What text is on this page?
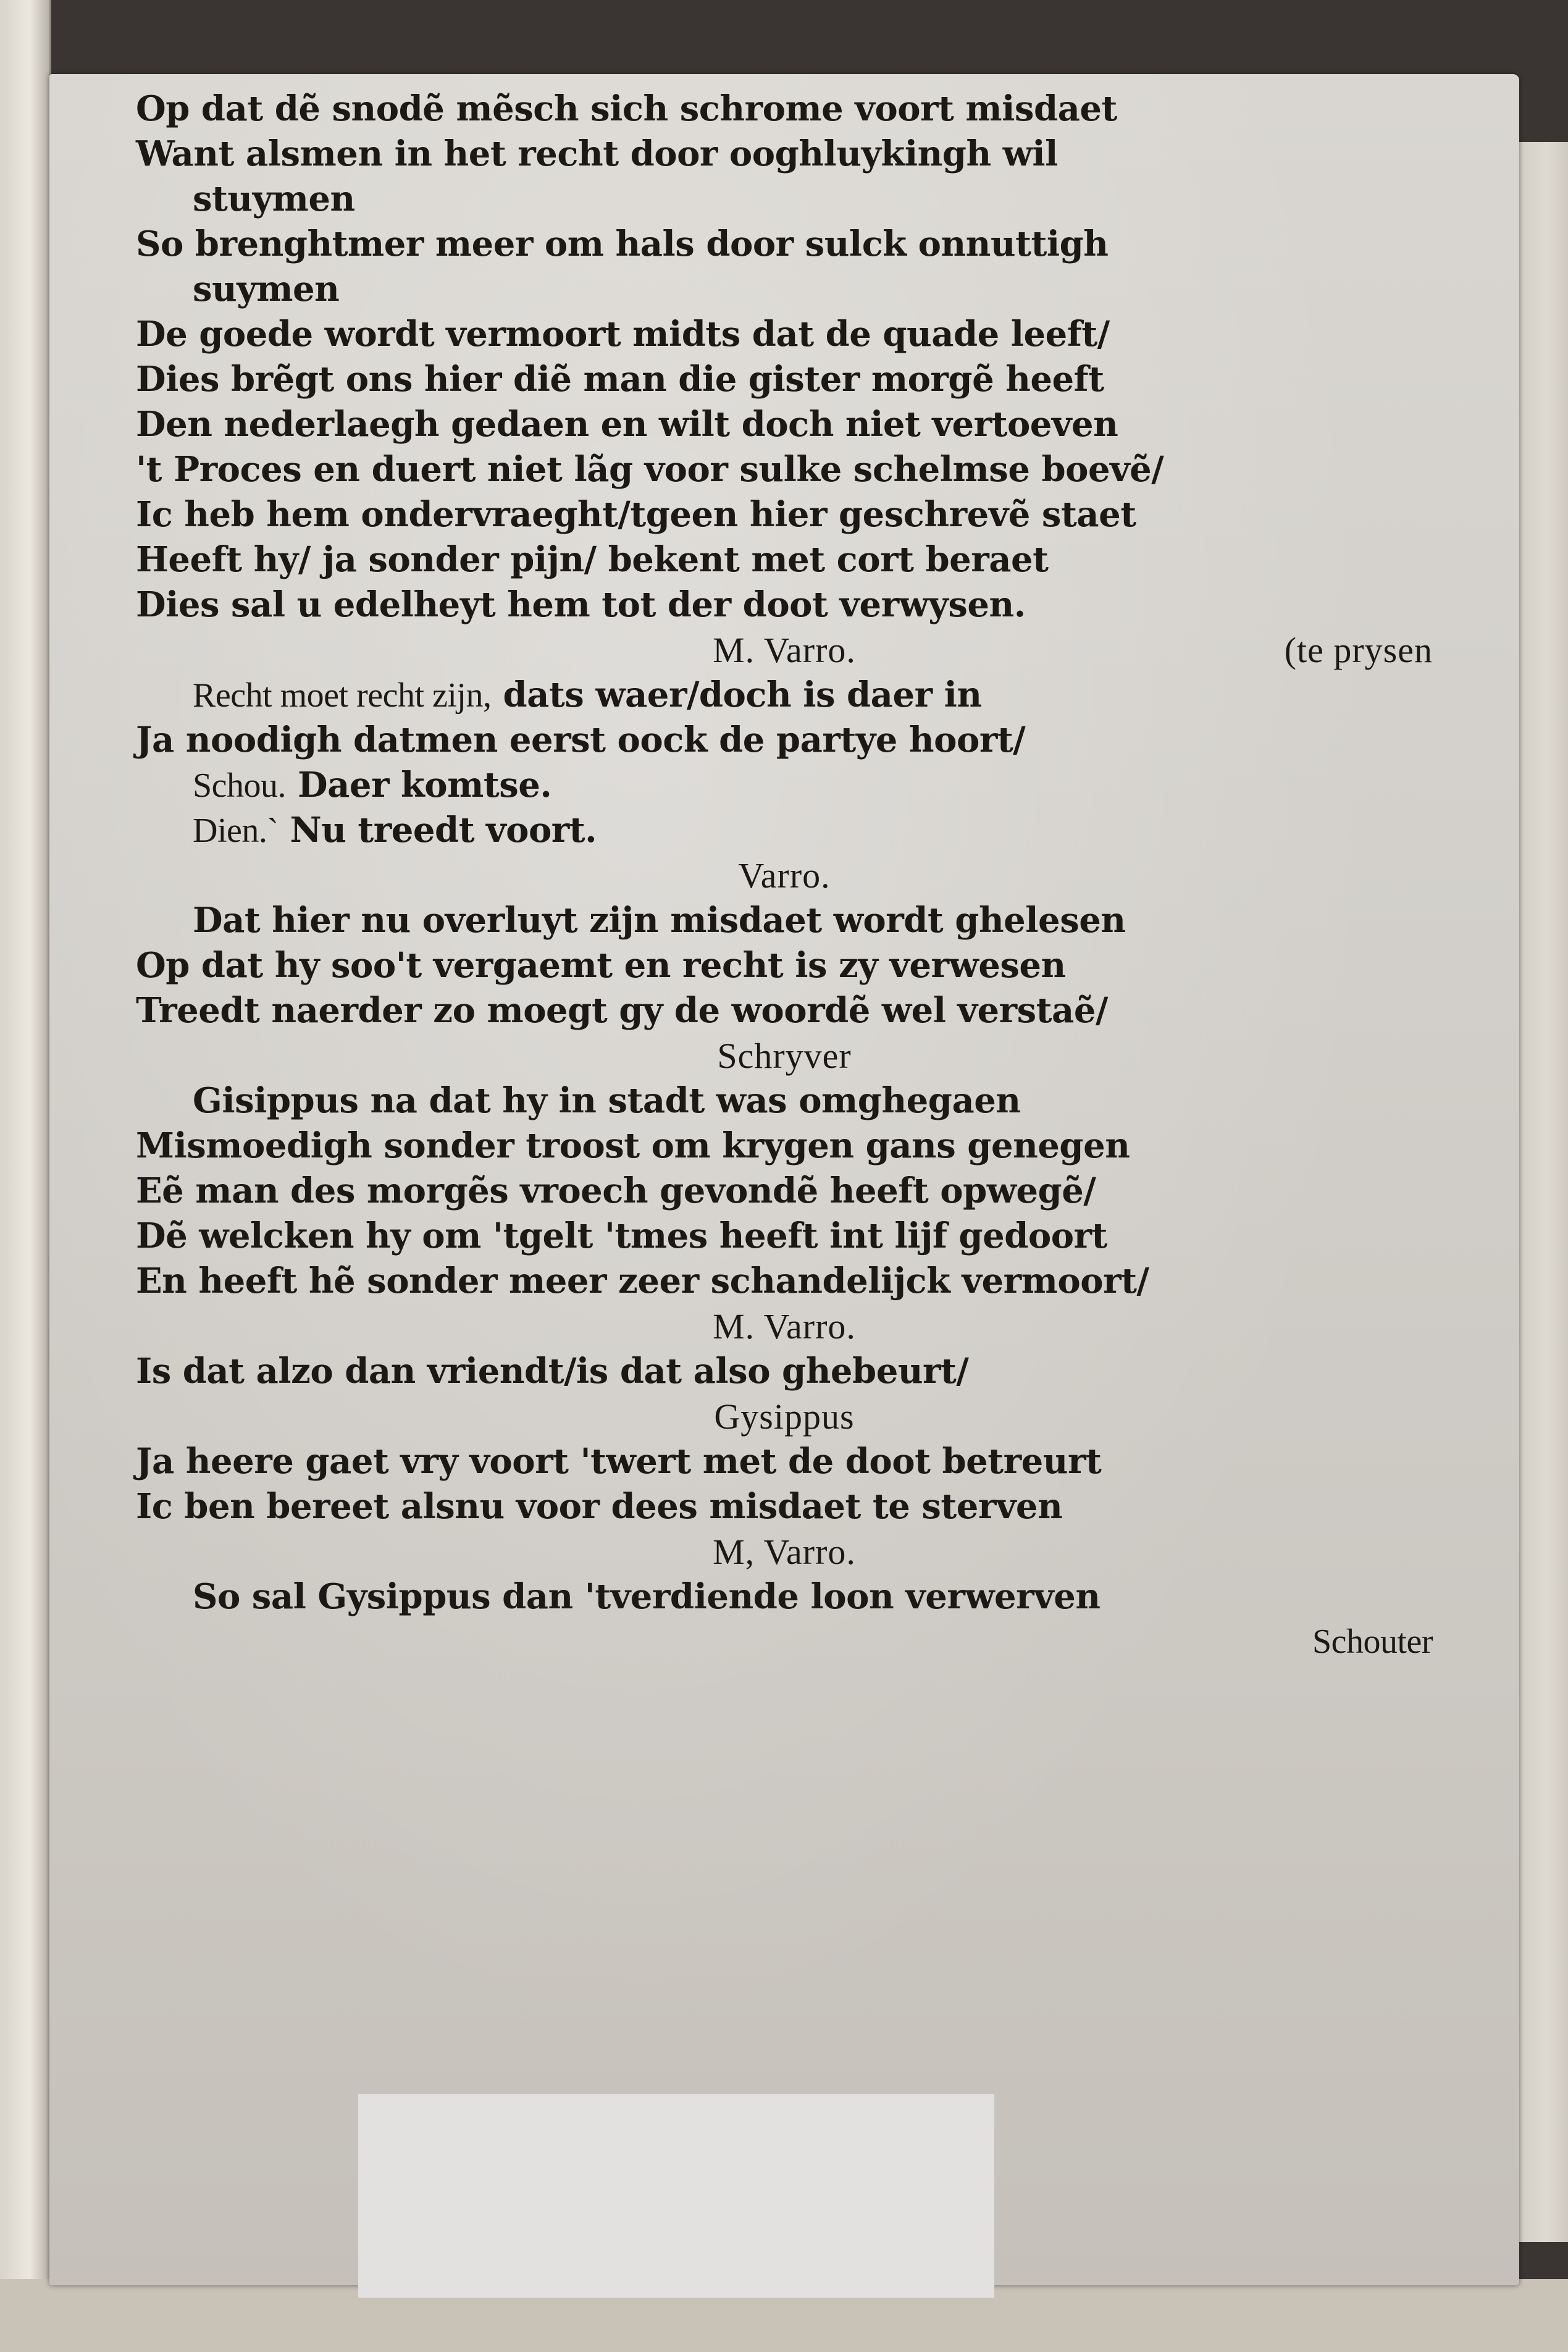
Op dat dẽ snodẽ mẽsch sich schrome voort misdaet
Want alsmen in het recht door ooghluykingh wil
stuymen
So brenghtmer meer om hals door sulck onnuttigh
suymen
De goede wordt vermoort midts dat de quade leeft/
Dies brẽgt ons hier diẽ man die gister morgẽ heeft
Den nederlaegh gedaen en wilt doch niet vertoeven
't Proces en duert niet lãg voor sulke schelmse boevẽ/
Ic heb hem ondervraeght/tgeen hier geschrevẽ staet
Heeft hy/ ja sonder pijn/ bekent met cort beraet
Dies sal u edelheyt hem tot der doot verwysen.
M. Varro.	(te prysen
Recht moet recht zijn, dats waer/doch is daer in
Ja noodigh datmen eerst oock de partye hoort/
Schou. Daer komtse.
Dien.` Nu treedt voort.
Varro.
Dat hier nu overluyt zijn misdaet wordt ghelesen
Op dat hy soo't vergaemt en recht is zy verwesen
Treedt naerder zo moegt gy de woordẽ wel verstaẽ/
Schryver
Gisippus na dat hy in stadt was omghegaen
Mismoedigh sonder troost om krygen gans genegen
Eẽ man des morgẽs vroech gevondẽ heeft opwegẽ/
Dẽ welcken hy om 'tgelt 'tmes heeft int lijf gedoort
En heeft hẽ sonder meer zeer schandelijck vermoort/
M. Varro.
Is dat alzo dan vriendt/is dat also ghebeurt/
Gysippus
Ja heere gaet vry voort 'twert met de doot betreurt
Ic ben bereet alsnu voor dees misdaet te sterven
M, Varro.
So sal Gysippus dan 'tverdiende loon verwerven
Schouter
